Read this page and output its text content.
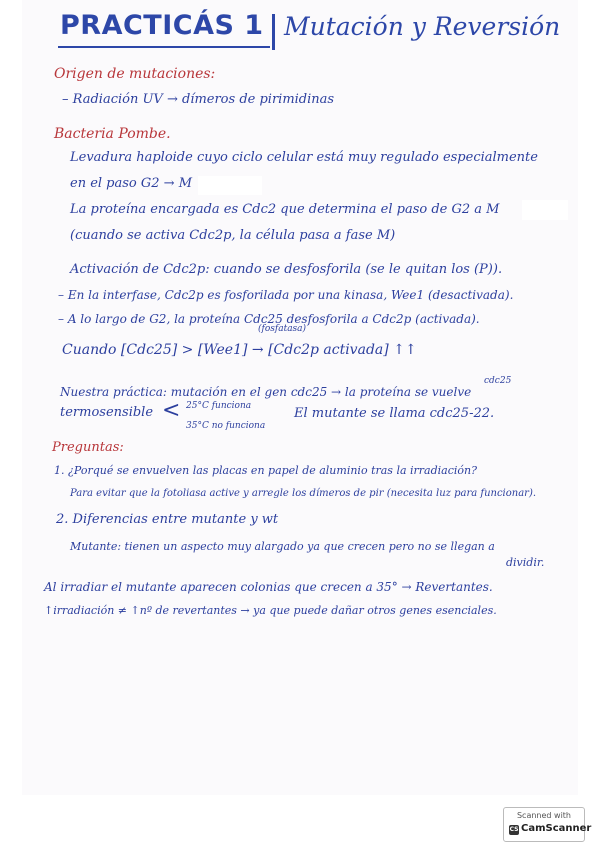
PRACTICÁS 1 Mutación y Reversión
Origen de mutaciones:
– Radiación UV → dímeros de pirimidinas
Bacteria Pombe.
Levadura haploide cuyo ciclo celular está muy regulado especialmente
en el paso G2 → M
La proteína encargada es Cdc2 que determina el paso de G2 a M
(cuando se activa Cdc2p, la célula pasa a fase M)
Activación de Cdc2p: cuando se desfosforila (se le quitan los (P)).
– En la interfase, Cdc2p es fosforilada por una kinasa, Wee1 (desactivada).
(fosfatasa)
– A lo largo de G2, la proteína Cdc25 desfosforila a Cdc2p (activada).
Cuando [Cdc25] > [Wee1] → [Cdc2p activada] ↑↑
cdc25
Nuestra práctica: mutación en el gen cdc25 → la proteína se vuelve
termosensible < 25°C funciona
35°C no funciona
El mutante se llama cdc25-22.
Preguntas:
1. ¿Porqué se envuelven las placas en papel de aluminio tras la irradiación?
Para evitar que la fotoliasa active y arregle los dímeros de pir (necesita luz para funcionar).
2. Diferencias entre mutante y wt
Mutante: tienen un aspecto muy alargado ya que crecen pero no se llegan a
dividir.
Al irradiar el mutante aparecen colonias que crecen a 35° → Revertantes.
↑irradiación ≠ ↑nº de revertantes → ya que puede dañar otros genes esenciales.
Scanned with
CS CamScanner
